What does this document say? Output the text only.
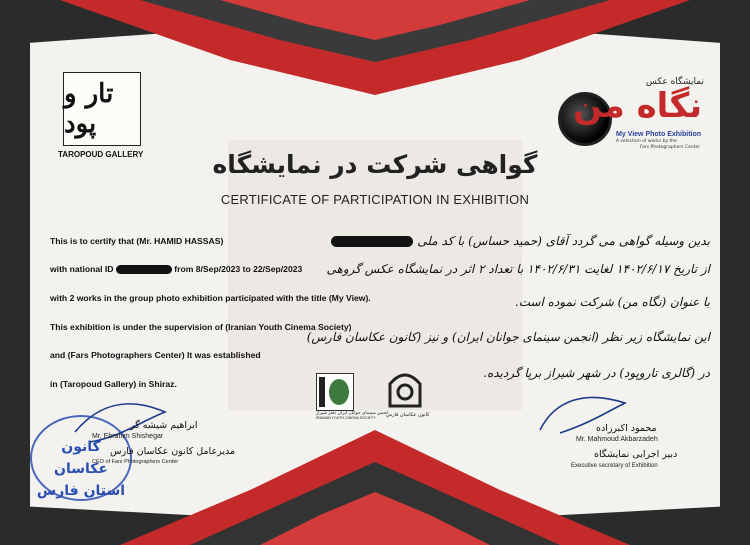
تار و پود
TAROPOUD GALLERY
نمایشگاه عکس
نگاه من
My View Photo Exhibition
A selection of works by the
Fars Photographers Center
گواهی شرکت در نمایشگاه
CERTIFICATE OF PARTICIPATION IN EXHIBITION
This is to certify that (Mr. HAMID HASSAS)
with national ID	from 8/Sep/2023 to 22/Sep/2023
with 2 works in the group photo exhibition participated with the title (My View).
This exhibition is under the supervision of (Iranian Youth Cinema Society)
and (Fars Photographers Center) It was established
in (Taropoud Gallery) in Shiraz.
بدین وسیله گواهی می گردد آقای (حمید حساس) با کد ملی
از تاریخ ۱۴۰۲/۶/۱۷ لغایت ۱۴۰۲/۶/۳۱ با تعداد ۲ اثر در نمایشگاه عکس گروهی
با عنوان (نگاه من) شرکت نموده است.
این نمایشگاه زیر نظر (انجمن سینمای جوانان ایران) و نیز (کانون عکاسان فارس)
در (گالری تاروپود) در شهر شیراز برپا گردیده.
انجمن سینمای جوانان ایران دفتر شیراز
IRANIAN YOUTH CINEMA SOCIETY کانون عکاسان فارس
کانون عکاسان استان فارس
ابراهیم شیشه گر
Mr. Ebrahim Shishegar
مدیرعامل کانون عکاسان فارس
CEO of Fars Photographers Center
محمود اکبرزاده
Mr. Mahmoud Akbarzadeh
دبیر اجرایی نمایشگاه
Executive secretary of Exhibition
